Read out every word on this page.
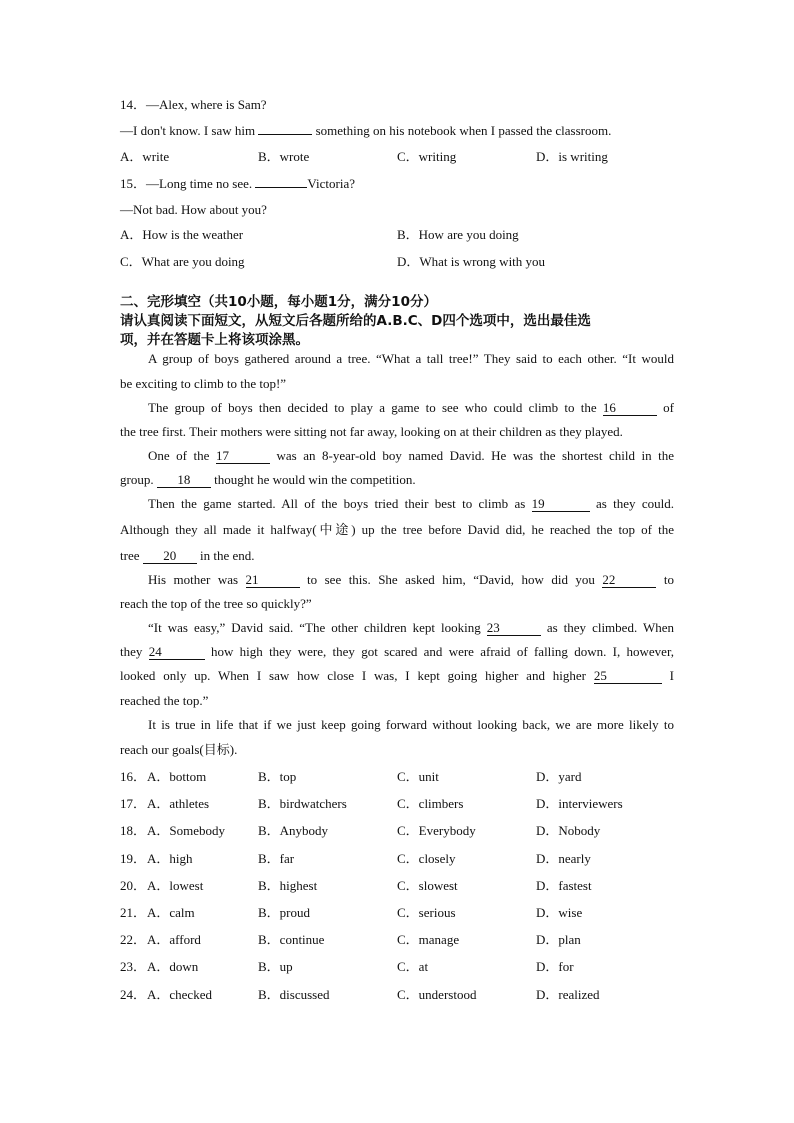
14．—Alex, where is Sam?
—I don't know. I saw him	something on his notebook when I passed the classroom.
A．write	B．wrote	C．writing	D．is writing
15．—Long time no see.	Victoria?
—Not bad. How about you?
A．How is the weather	B．How are you doing
C．What are you doing	D．What is wrong with you
二、完形填空（共10小题，每小题1分，满分10分）
请认真阅读下面短文，从短文后各题所给的A.B.C、D四个选项中，选出最佳选
项，并在答题卡上将该项涂黑。
A group of boys gathered around a tree. “What a tall tree!” They said to each other. “It would
be exciting to climb to the top!”
The group of boys then decided to play a game to see who could climb to the 16	of
the tree first. Their mothers were sitting not far away, looking on at their children as they played.
One of the 17	was an 8-year-old boy named David. He was the shortest child in the
group. 18 thought he would win the competition.
Then the game started. All of the boys tried their best to climb as 19	as they could.
Although they all made it halfway(中途) up the tree before David did, he reached the top of the
tree 20 in the end.
His mother was 21	to see this. She asked him, “David, how did you 22	to
reach the top of the tree so quickly?”
“It was easy,” David said. “The other children kept looking 23	as they climbed. When
they 24	how high they were, they got scared and were afraid of falling down. I, however,
looked only up. When I saw how close I was, I kept going higher and higher 25	I
reached the top.”
It is true in life that if we just keep going forward without looking back, we are more likely to
reach our goals(目标).
16． A．bottom	B．top	C．unit	D．yard
17． A．athletes	B．birdwatchers	C．climbers	D．interviewers
18． A．Somebody	B．Anybody	C．Everybody	D．Nobody
19． A．high	B．far	C．closely	D．nearly
20． A．lowest	B．highest	C．slowest	D．fastest
21． A．calm	B．proud	C．serious	D．wise
22． A．afford	B．continue	C．manage	D．plan
23． A．down	B．up	C．at	D．for
24． A．checked	B．discussed	C．understood	D．realized
